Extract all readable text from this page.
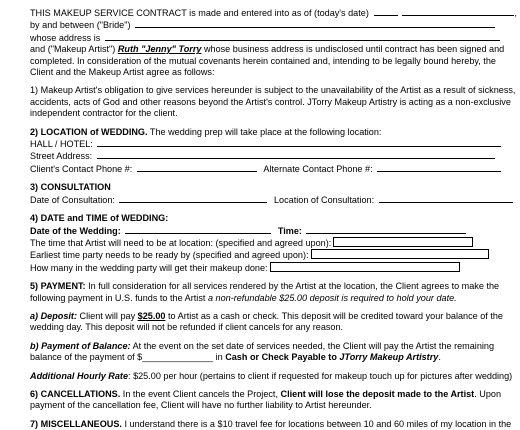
THIS MAKEUP SERVICE CONTRACT is made and entered into as of (today's date)	,
by and between ("Bride")
whose address is
and ("Makeup Artist") Ruth "Jenny" Torry whose business address is undisclosed until contract has been signed and
completed. In consideration of the mutual covenants herein contained and, intending to be legally bound hereby, the
Client and the Makeup Artist agree as follows:
1) Makeup Artist's obligation to give services hereunder is subject to the unavailability of the Artist as a result of sickness,
accidents, acts of God and other reasons beyond the Artist's control. JTorry Makeup Artistry is acting as a non-exclusive
independent contractor for the client.
2) LOCATION of WEDDING. The wedding prep will take place at the following location:
HALL / HOTEL:
Street Address:
Client's Contact Phone #:	Alternate Contact Phone #:
3) CONSULTATION
Date of Consultation:	Location of Consultation:
4) DATE and TIME of WEDDING:
Date of the Wedding:	Time:
The time that Artist will need to be at location: (specified and agreed upon):
Earliest time party needs to be ready by (specified and agreed upon):
How many in the wedding party will get their makeup done:
5) PAYMENT: In full consideration for all services rendered by the Artist at the location, the Client agrees to make the
following payment in U.S. funds to the Artist a non-refundable $25.00 deposit is required to hold your date.
a) Deposit: Client will pay $25.00 to Artist as a cash or check. This deposit will be credited toward your balance of the
wedding day. This deposit will not be refunded if client cancels for any reason.
b) Payment of Balance: At the event on the set date of services needed, the Client will pay the Artist the remaining
balance of the payment of $______________ in Cash or Check Payable to JTorry Makeup Artistry.
Additional Hourly Rate: $25.00 per hour (pertains to client if requested for makeup touch up for pictures after wedding)
6) CANCELLATIONS. In the event Client cancels the Project, Client will lose the deposit made to the Artist. Upon
payment of the cancellation fee, Client will have no further liability to Artist hereunder.
7) MISCELLANEOUS. I understand there is a $10 travel fee for locations between 10 and 60 miles of my location in the
